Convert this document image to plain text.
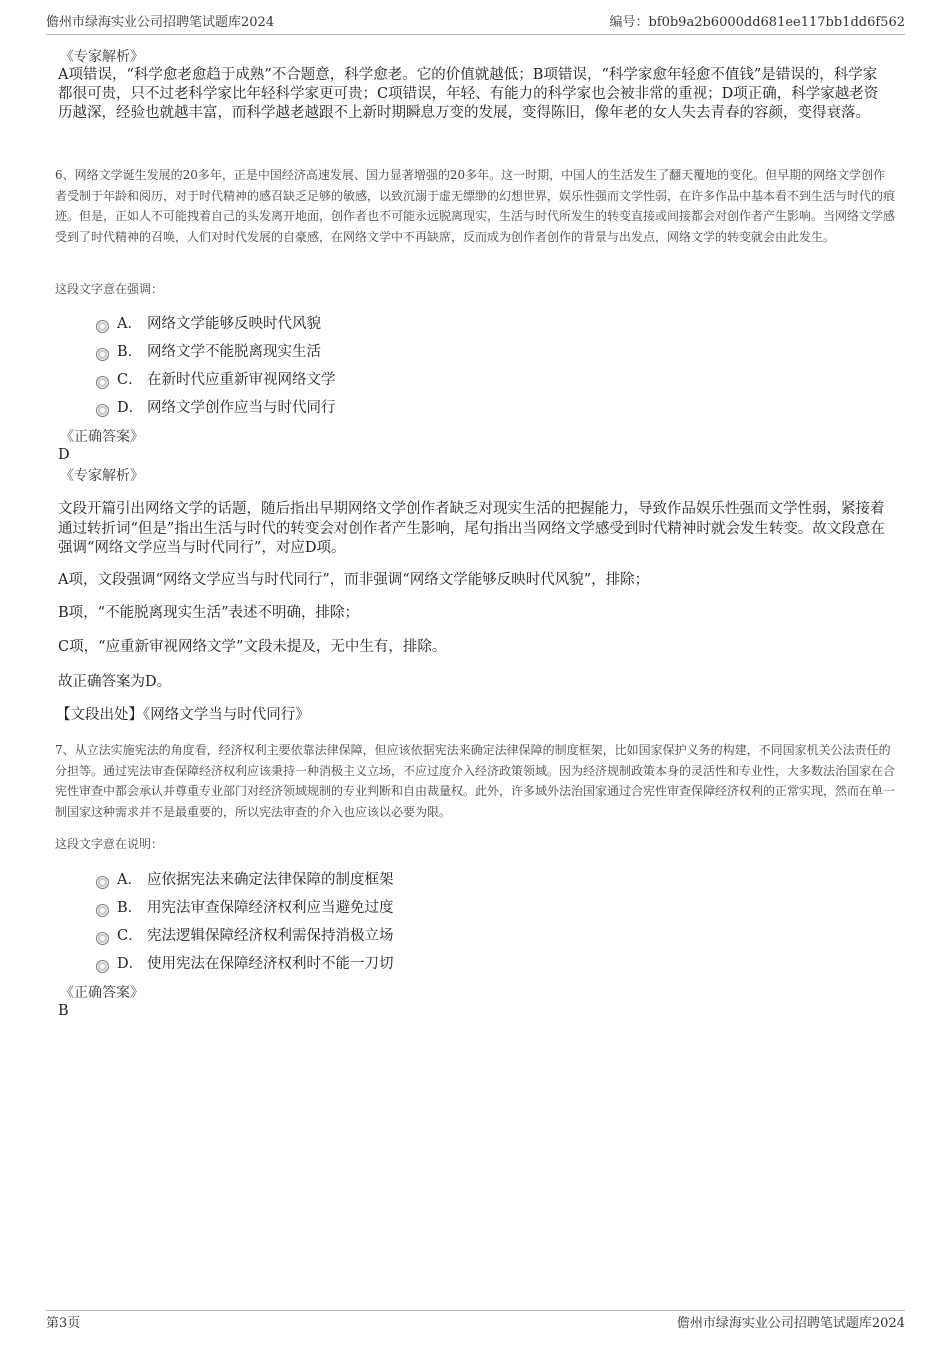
儋州市绿海实业公司招聘笔试题库2024	编号：bf0b9a2b6000dd681ee117bb1dd6f562
《专家解析》
A项错误，“科学愈老愈趋于成熟”不合题意，科学愈老。它的价值就越低；B项错误，“科学家愈年轻愈不值钱”是错误的，科学家都很可贵，只不过老科学家比年轻科学家更可贵；C项错误，年轻、有能力的科学家也会被非常的重视；D项正确，科学家越老资历越深，经验也就越丰富，而科学越老越跟不上新时期瞬息万变的发展，变得陈旧，像年老的女人失去青春的容颜，变得衰落。
6、网络文学诞生发展的20多年，正是中国经济高速发展、国力显著增强的20多年。这一时期，中国人的生活发生了翻天覆地的变化。但早期的网络文学创作者受制于年龄和阅历，对于时代精神的感召缺乏足够的敏感，以致沉溺于虚无缥缈的幻想世界，娱乐性强而文学性弱，在许多作品中基本看不到生活与时代的痕迹。但是，正如人不可能拽着自己的头发离开地面，创作者也不可能永远脱离现实，生活与时代所发生的转变直接或间接都会对创作者产生影响。当网络文学感受到了时代精神的召唤，人们对时代发展的自豪感，在网络文学中不再缺席，反而成为创作者创作的背景与出发点，网络文学的转变就会由此发生。
这段文字意在强调：
A． 网络文学能够反映时代风貌
B． 网络文学不能脱离现实生活
C． 在新时代应重新审视网络文学
D． 网络文学创作应当与时代同行
《正确答案》
D
《专家解析》
文段开篇引出网络文学的话题，随后指出早期网络文学创作者缺乏对现实生活的把握能力，导致作品娱乐性强而文学性弱，紧接着通过转折词“但是”指出生活与时代的转变会对创作者产生影响，尾句指出当网络文学感受到时代精神时就会发生转变。故文段意在强调“网络文学应当与时代同行”，对应D项。
A项，文段强调“网络文学应当与时代同行”，而非强调“网络文学能够反映时代风貌”，排除；
B项，“不能脱离现实生活”表述不明确，排除；
C项，“应重新审视网络文学”文段未提及，无中生有，排除。
故正确答案为D。
【文段出处】《网络文学当与时代同行》
7、从立法实施宪法的角度看，经济权利主要依靠法律保障，但应该依据宪法来确定法律保障的制度框架，比如国家保护义务的构建，不同国家机关公法责任的分担等。通过宪法审查保障经济权利应该秉持一种消极主义立场，不应过度介入经济政策领域。因为经济规制政策本身的灵活性和专业性，大多数法治国家在合宪性审查中都会承认并尊重专业部门对经济领域规制的专业判断和自由裁量权。此外，许多域外法治国家通过合宪性审查保障经济权利的正常实现，然而在单一制国家这种需求并不是最重要的，所以宪法审查的介入也应该以必要为限。
这段文字意在说明：
A． 应依据宪法来确定法律保障的制度框架
B． 用宪法审查保障经济权利应当避免过度
C． 宪法逻辑保障经济权利需保持消极立场
D． 使用宪法在保障经济权利时不能一刀切
《正确答案》
B
第3页	儋州市绿海实业公司招聘笔试题库2024
